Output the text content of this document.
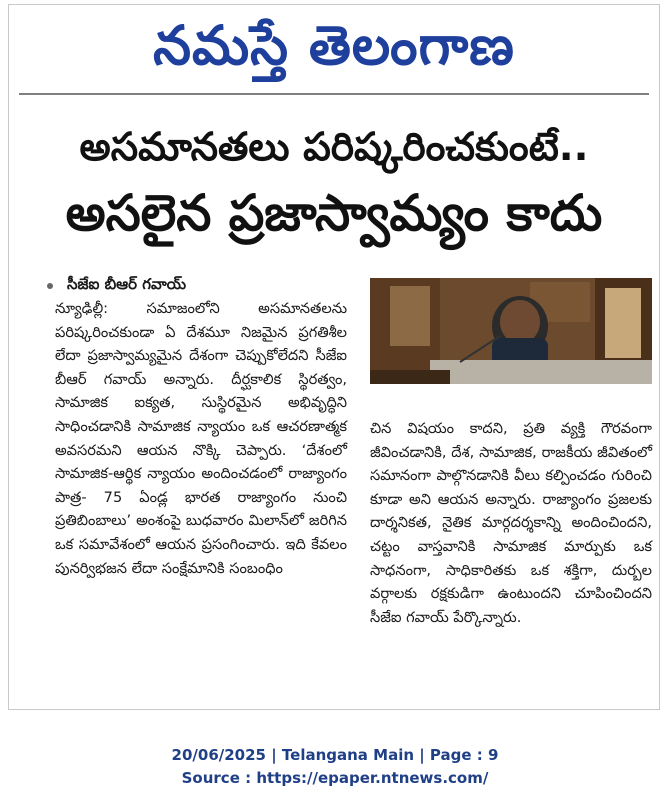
నమస్తే తెలంగాణ
అసమానతలు పరిష్కరించకుంటే..
అసలైన ప్రజాస్వామ్యం కాదు
సీజేఐ బీఆర్ గవాయ్

న్యూఢిల్లీ: సమాజంలోని అసమానతలను పరిష్కరించకుండా ఏ దేశమూ నిజమైన ప్రగతిశీల లేదా ప్రజాస్వామ్యమైన దేశంగా చెప్పుకోలేదని సీజేఐ బీఆర్ గవాయ్ అన్నారు. దీర్ఘకాలిక స్థిరత్వం, సామాజిక ఐక్యత, సుస్థిరమైన అభివృద్ధిని సాధించడానికి సామాజిక న్యాయం ఒక ఆచరణాత్మక అవసరమని ఆయన నొక్కి చెప్పారు. ‘దేశంలో సామాజిక-ఆర్థిక న్యాయం అందించడంలో రాజ్యాంగం పాత్ర- 75 ఏండ్ల భారత రాజ్యాంగం నుంచి ప్రతిబింబాలు’ అంశంపై బుధవారం మిలాన్‌లో జరిగిన ఒక సమావేశంలో ఆయన ప్రసంగించారు. ఇది కేవలం పునర్విభజన లేదా సంక్షేమానికి సంబంధిం

చిన విషయం కాదని, ప్రతి వ్యక్తి గౌరవంగా జీవించడానికి, దేశ, సామాజిక, రాజకీయ జీవితంలో సమానంగా పాల్గొనడానికి వీలు కల్పించడం గురించి కూడా అని ఆయన అన్నారు. రాజ్యాంగం ప్రజలకు దార్శనికత, నైతిక మార్గదర్శకాన్ని అందించిందని, చట్టం వాస్తవానికి సామాజిక మార్పుకు ఒక సాధనంగా, సాధికారితకు ఒక శక్తిగా, దుర్బల వర్గాలకు రక్షకుడిగా ఉంటుందని చూపించిందని సీజేఐ గవాయ్ పేర్కొన్నారు.

20/06/2025 | Telangana Main | Page : 9
Source : https://epaper.ntnews.com/
